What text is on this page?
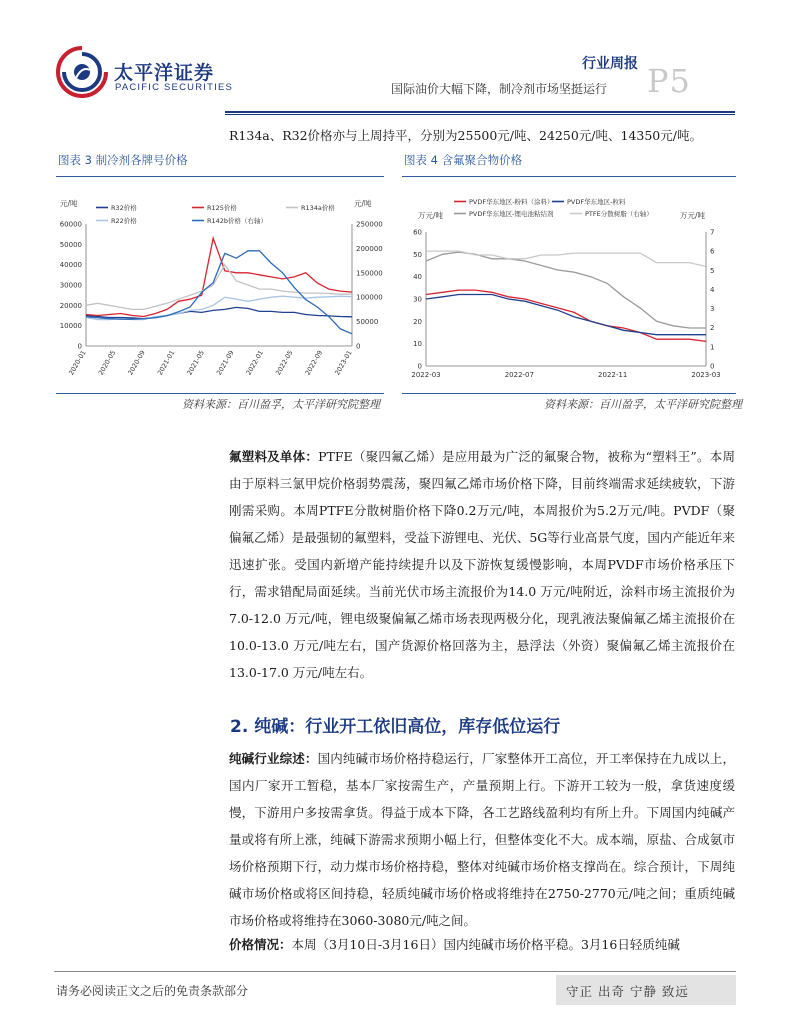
太平洋证券
PACIFIC SECURITIES
行业周报
国际油价大幅下降，制冷剂市场坚挺运行 P5
R134a、R32价格亦与上周持平，分别为25500元/吨、24250元/吨、14350元/吨。
图表 3 制冷剂各牌号价格
元/吨	元/吨
0
10000
20000
30000
40000
50000
60000
0
50000
100000
150000
200000
250000
2020-01 2020-05 2020-09 2021-01 2021-05 2021-09 2022-01 2022-05 2022-09 2023-01
R32价格	R125价格	R134a价格
R22价格	R142b价格（右轴）
资料来源：百川盈孚，太平洋研究院整理
图表 4 含氟聚合物价格
万元/吨	万元/吨
0
10
20
30
40
50
60
0
1
2
3
4
5
6
7
2022-03	2022-07	2022-11	2023-03
PVDF华东地区-粉料（涂料） PVDF华东地区-粒料
PVDF华东地区-锂电池粘结剂	PTFE分散树脂（右轴）
资料来源：百川盈孚，太平洋研究院整理

氟塑料及单体：PTFE（聚四氟乙烯）是应用最为广泛的氟聚合物，被称为“塑料王”。本周由于原料三氯甲烷价格弱势震荡，聚四氟乙烯市场价格下降，目前终端需求延续疲软，下游刚需采购。本周PTFE分散树脂价格下降0.2万元/吨，本周报价为5.2万元/吨。PVDF（聚偏氟乙烯）是最强韧的氟塑料，受益下游锂电、光伏、5G等行业高景气度，国内产能近年来迅速扩张。受国内新增产能持续提升以及下游恢复缓慢影响，本周PVDF市场价格承压下行，需求错配局面延续。当前光伏市场主流报价为14.0 万元/吨附近，涂料市场主流报价为 7.0-12.0 万元/吨，锂电级聚偏氟乙烯市场表现两极分化，现乳液法聚偏氟乙烯主流报价在 10.0-13.0 万元/吨左右，国产货源价格回落为主，悬浮法（外资）聚偏氟乙烯主流报价在 13.0-17.0 万元/吨左右。

2. 纯碱：行业开工依旧高位，库存低位运行

纯碱行业综述：国内纯碱市场价格持稳运行，厂家整体开工高位，开工率保持在九成以上，国内厂家开工暂稳，基本厂家按需生产，产量预期上行。下游开工较为一般，拿货速度缓慢，下游用户多按需拿货。得益于成本下降，各工艺路线盈利均有所上升。下周国内纯碱产量或将有所上涨，纯碱下游需求预期小幅上行，但整体变化不大。成本端，原盐、合成氨市场价格预期下行，动力煤市场价格持稳，整体对纯碱市场价格支撑尚在。综合预计，下周纯碱市场价格或将区间持稳，轻质纯碱市场价格或将维持在2750-2770元/吨之间；重质纯碱市场价格或将维持在3060-3080元/吨之间。

价格情况：本周（3月10日-3月16日）国内纯碱市场价格平稳。3月16日轻质纯碱

请务必阅读正文之后的免责条款部分	守正 出奇 宁静 致远
